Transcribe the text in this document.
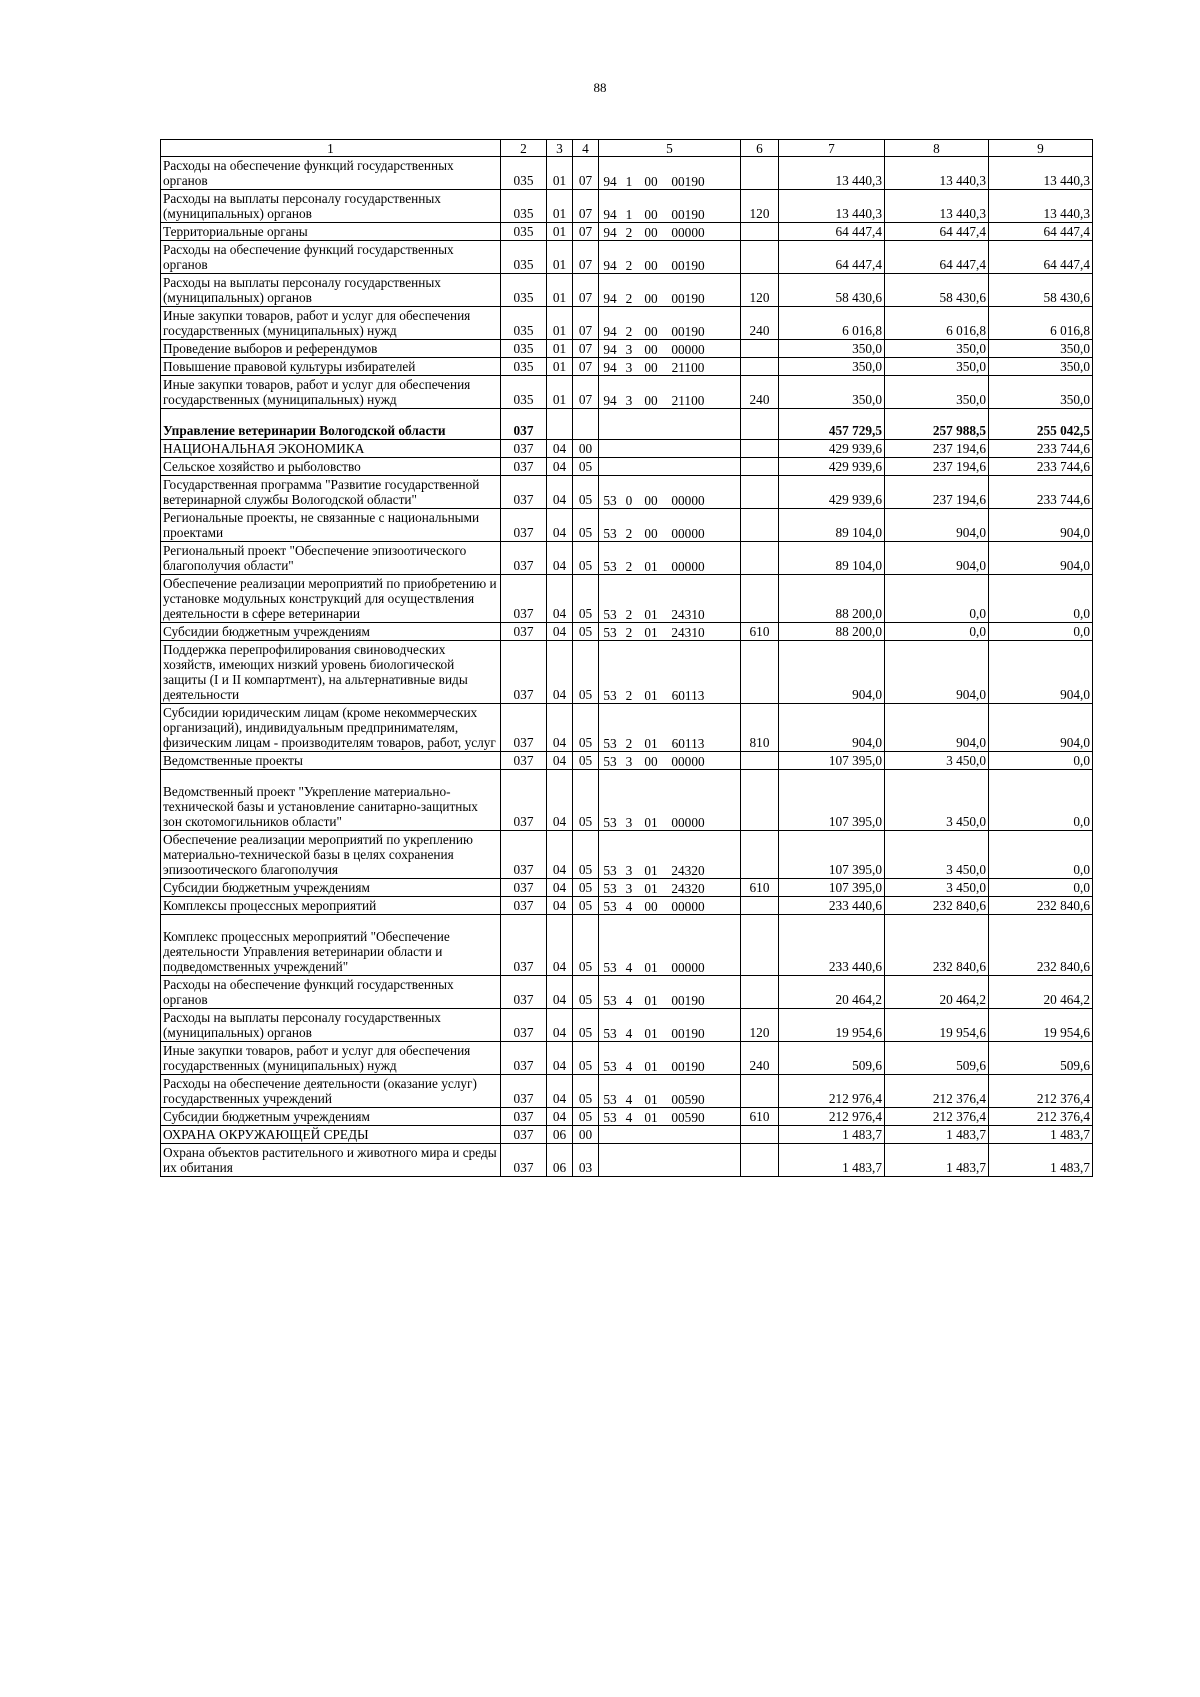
88
1	2	3	4	5	6	7	8	9
Расходы на обеспечение функций государственных органов	035	01	07	94 1 00 00190		13 440,3	13 440,3	13 440,3
Расходы на выплаты персоналу государственных (муниципальных) органов	035	01	07	94 1 00 00190	120	13 440,3	13 440,3	13 440,3
Территориальные органы	035	01	07	94 2 00 00000		64 447,4	64 447,4	64 447,4
Расходы на обеспечение функций государственных органов	035	01	07	94 2 00 00190		64 447,4	64 447,4	64 447,4
Расходы на выплаты персоналу государственных (муниципальных) органов	035	01	07	94 2 00 00190	120	58 430,6	58 430,6	58 430,6
Иные закупки товаров, работ и услуг для обеспечения государственных (муниципальных) нужд	035	01	07	94 2 00 00190	240	6 016,8	6 016,8	6 016,8
Проведение выборов и референдумов	035	01	07	94 3 00 00000		350,0	350,0	350,0
Повышение правовой культуры избирателей	035	01	07	94 3 00 21100		350,0	350,0	350,0
Иные закупки товаров, работ и услуг для обеспечения государственных (муниципальных) нужд	035	01	07	94 3 00 21100	240	350,0	350,0	350,0
Управление ветеринарии Вологодской области	037					457 729,5	257 988,5	255 042,5
НАЦИОНАЛЬНАЯ ЭКОНОМИКА	037	04	00			429 939,6	237 194,6	233 744,6
Сельское хозяйство и рыболовство	037	04	05			429 939,6	237 194,6	233 744,6
Государственная программа "Развитие государственной ветеринарной службы Вологодской области"	037	04	05	53 0 00 00000		429 939,6	237 194,6	233 744,6
Региональные проекты, не связанные с национальными проектами	037	04	05	53 2 00 00000		89 104,0	904,0	904,0
Региональный проект "Обеспечение эпизоотического благополучия области"	037	04	05	53 2 01 00000		89 104,0	904,0	904,0
Обеспечение реализации мероприятий по приобретению и установке модульных конструкций для осуществления деятельности в сфере ветеринарии	037	04	05	53 2 01 24310		88 200,0	0,0	0,0
Субсидии бюджетным учреждениям	037	04	05	53 2 01 24310	610	88 200,0	0,0	0,0
Поддержка перепрофилирования свиноводческих хозяйств, имеющих низкий уровень биологической защиты (I и II компартмент), на альтернативные виды деятельности	037	04	05	53 2 01 60113		904,0	904,0	904,0
Субсидии юридическим лицам (кроме некоммерческих организаций), индивидуальным предпринимателям, физическим лицам - производителям товаров, работ, услуг	037	04	05	53 2 01 60113	810	904,0	904,0	904,0
Ведомственные проекты	037	04	05	53 3 00 00000		107 395,0	3 450,0	0,0
Ведомственный проект "Укрепление материально-технической базы и установление санитарно-защитных зон скотомогильников области"	037	04	05	53 3 01 00000		107 395,0	3 450,0	0,0
Обеспечение реализации мероприятий по укреплению материально-технической базы в целях сохранения эпизоотического благополучия	037	04	05	53 3 01 24320		107 395,0	3 450,0	0,0
Субсидии бюджетным учреждениям	037	04	05	53 3 01 24320	610	107 395,0	3 450,0	0,0
Комплексы процессных мероприятий	037	04	05	53 4 00 00000		233 440,6	232 840,6	232 840,6
Комплекс процессных мероприятий "Обеспечение деятельности Управления ветеринарии области и подведомственных учреждений"	037	04	05	53 4 01 00000		233 440,6	232 840,6	232 840,6
Расходы на обеспечение функций государственных органов	037	04	05	53 4 01 00190		20 464,2	20 464,2	20 464,2
Расходы на выплаты персоналу государственных (муниципальных) органов	037	04	05	53 4 01 00190	120	19 954,6	19 954,6	19 954,6
Иные закупки товаров, работ и услуг для обеспечения государственных (муниципальных) нужд	037	04	05	53 4 01 00190	240	509,6	509,6	509,6
Расходы на обеспечение деятельности (оказание услуг) государственных учреждений	037	04	05	53 4 01 00590		212 976,4	212 376,4	212 376,4
Субсидии бюджетным учреждениям	037	04	05	53 4 01 00590	610	212 976,4	212 376,4	212 376,4
ОХРАНА ОКРУЖАЮЩЕЙ СРЕДЫ	037	06	00			1 483,7	1 483,7	1 483,7
Охрана объектов растительного и животного мира и среды их обитания	037	06	03			1 483,7	1 483,7	1 483,7
